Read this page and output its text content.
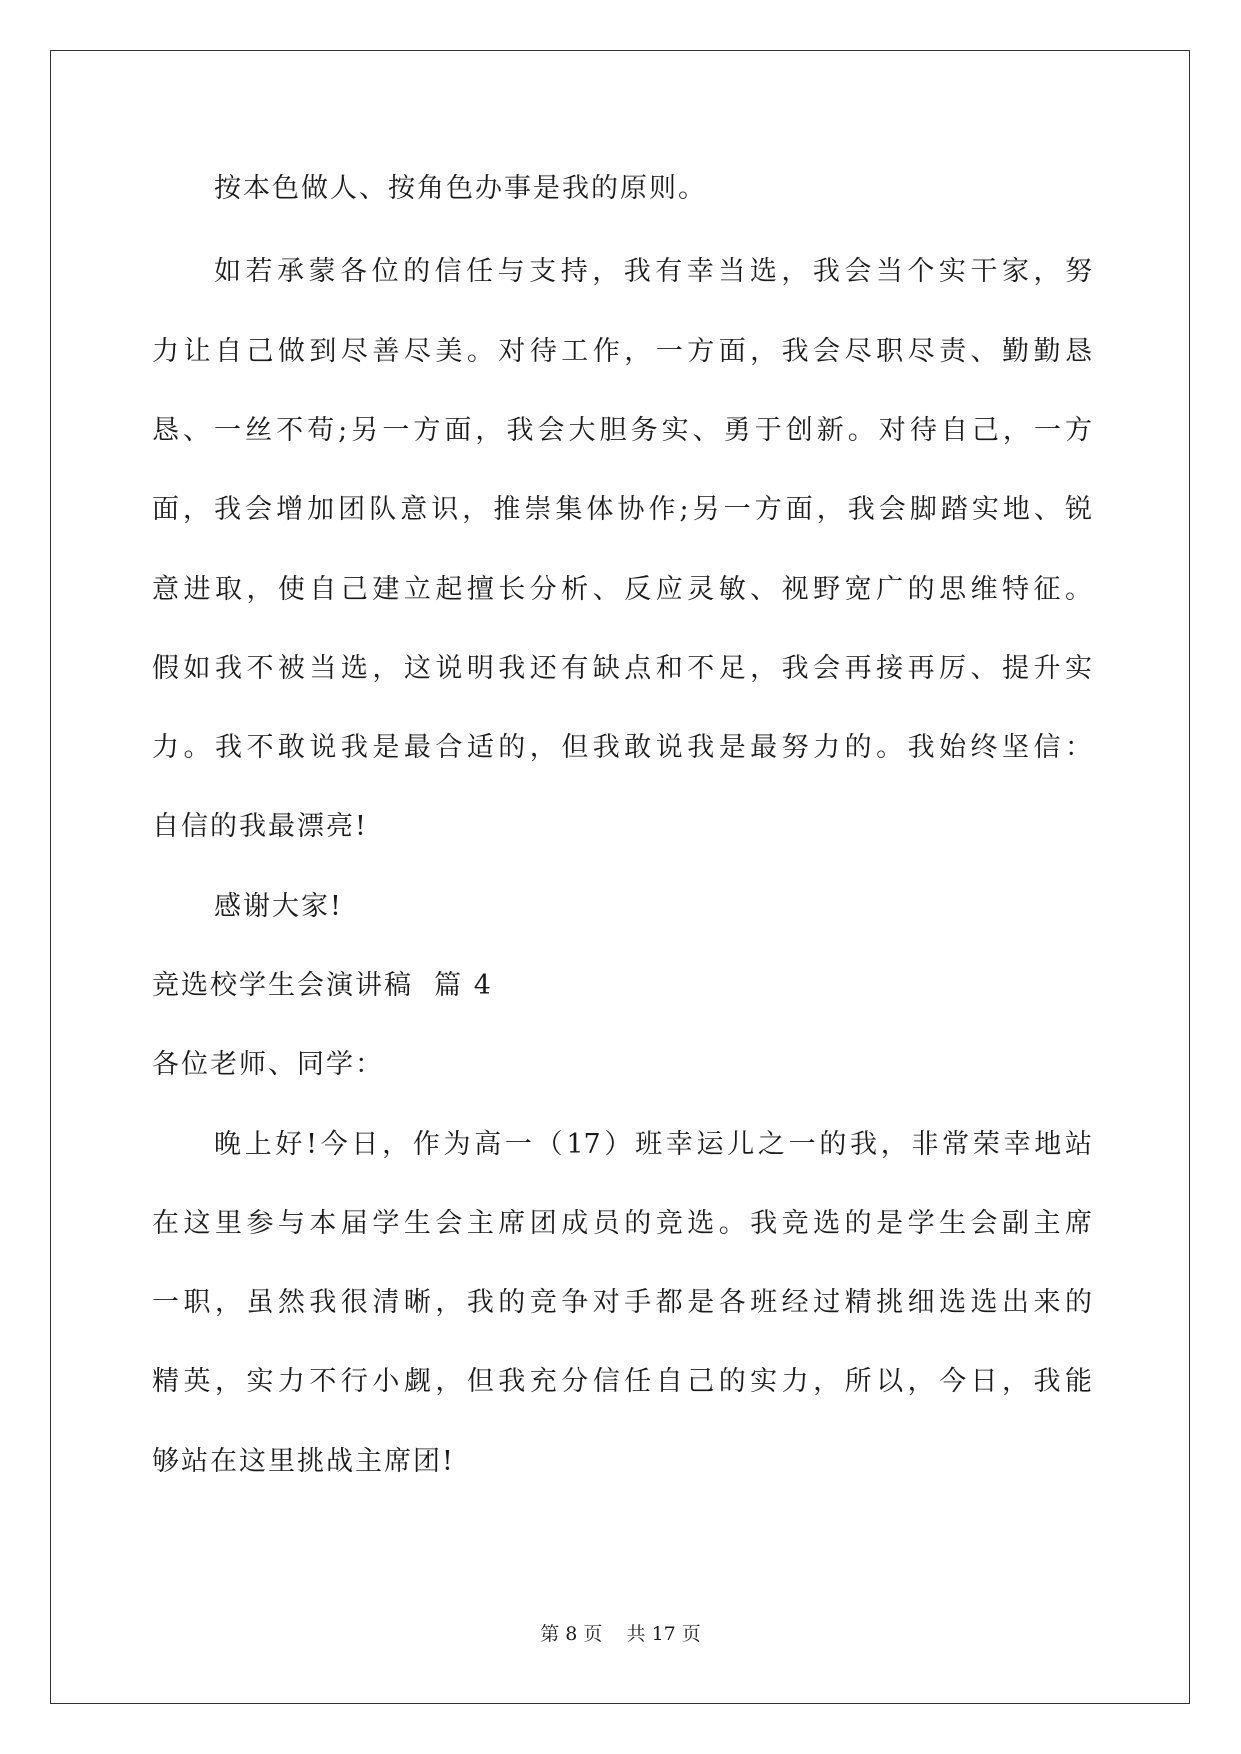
按本色做人、按角色办事是我的原则。
如若承蒙各位的信任与支持，我有幸当选，我会当个实干家，努
力让自己做到尽善尽美。对待工作，一方面，我会尽职尽责、勤勤恳
恳、一丝不苟;另一方面，我会大胆务实、勇于创新。对待自己，一方
面，我会增加团队意识，推崇集体协作;另一方面，我会脚踏实地、锐
意进取，使自己建立起擅长分析、反应灵敏、视野宽广的思维特征。
假如我不被当选，这说明我还有缺点和不足，我会再接再厉、提升实
力。我不敢说我是最合适的，但我敢说我是最努力的。我始终坚信：
自信的我最漂亮!
感谢大家!
竞选校学生会演讲稿  篇 4
各位老师、同学：
晚上好!今日，作为高一（17）班幸运儿之一的我，非常荣幸地站
在这里参与本届学生会主席团成员的竞选。我竞选的是学生会副主席
一职，虽然我很清晰，我的竞争对手都是各班经过精挑细选选出来的
精英，实力不行小觑，但我充分信任自己的实力，所以，今日，我能
够站在这里挑战主席团!
第 8 页    共 17 页
